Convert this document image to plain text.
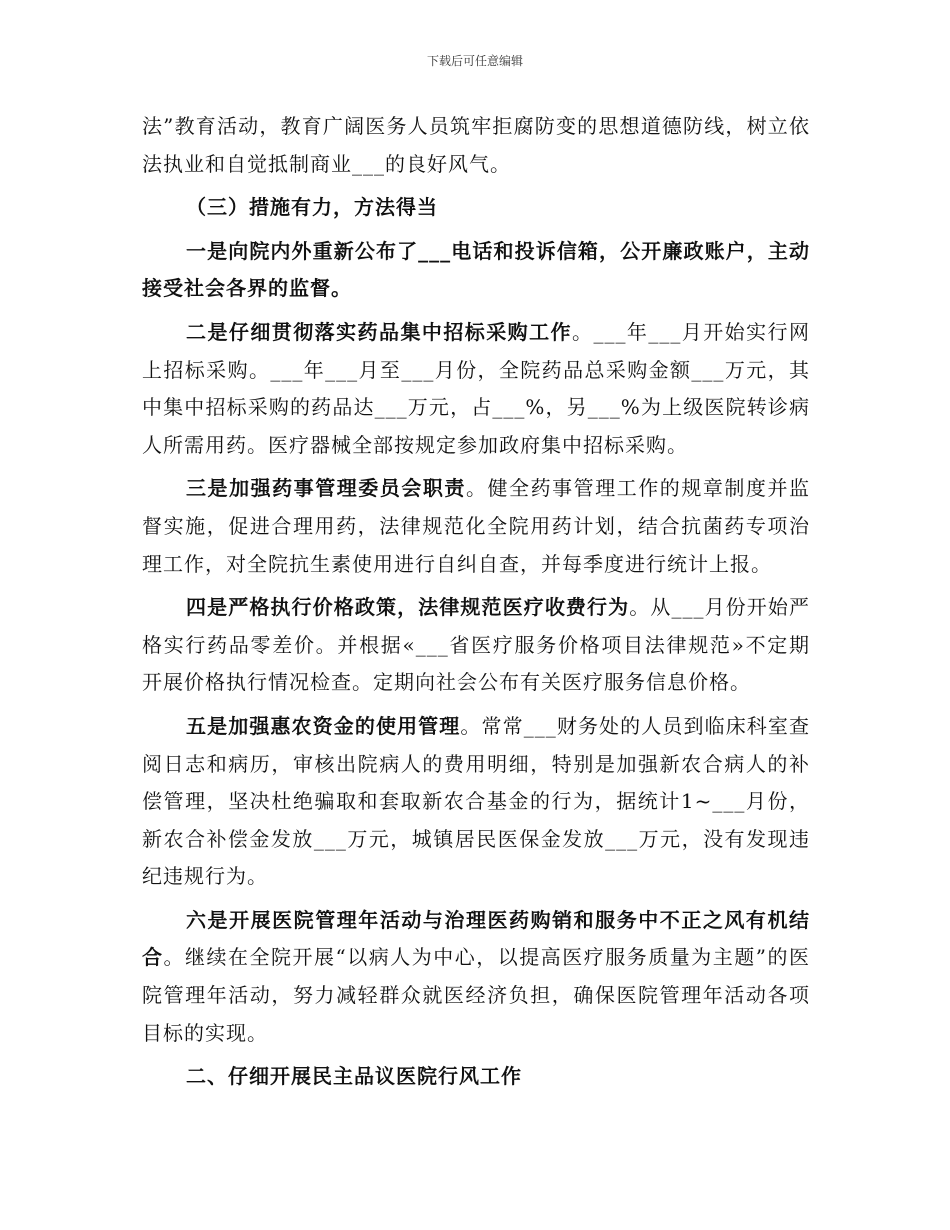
下载后可任意编辑

法”教育活动，教育广阔医务人员筑牢拒腐防变的思想道德防线，树立依法执业和自觉抵制商业___的良好风气。

（三）措施有力，方法得当

一是向院内外重新公布了___电话和投诉信箱，公开廉政账户，主动接受社会各界的监督。

二是仔细贯彻落实药品集中招标采购工作。___年___月开始实行网上招标采购。___年___月至___月份，全院药品总采购金额___万元，其中集中招标采购的药品达___万元，占___%，另___%为上级医院转诊病人所需用药。医疗器械全部按规定参加政府集中招标采购。

三是加强药事管理委员会职责。健全药事管理工作的规章制度并监督实施，促进合理用药，法律规范化全院用药计划，结合抗菌药专项治理工作，对全院抗生素使用进行自纠自查，并每季度进行统计上报。

四是严格执行价格政策，法律规范医疗收费行为。从___月份开始严格实行药品零差价。并根据«___省医疗服务价格项目法律规范»不定期开展价格执行情况检查。定期向社会公布有关医疗服务信息价格。

五是加强惠农资金的使用管理。常常___财务处的人员到临床科室查阅日志和病历，审核出院病人的费用明细，特别是加强新农合病人的补偿管理，坚决杜绝骗取和套取新农合基金的行为，据统计1~___月份，新农合补偿金发放___万元，城镇居民医保金发放___万元，没有发现违纪违规行为。

六是开展医院管理年活动与治理医药购销和服务中不正之风有机结合。继续在全院开展“以病人为中心，以提高医疗服务质量为主题”的医院管理年活动，努力减轻群众就医经济负担，确保医院管理年活动各项目标的实现。

二、仔细开展民主品议医院行风工作
